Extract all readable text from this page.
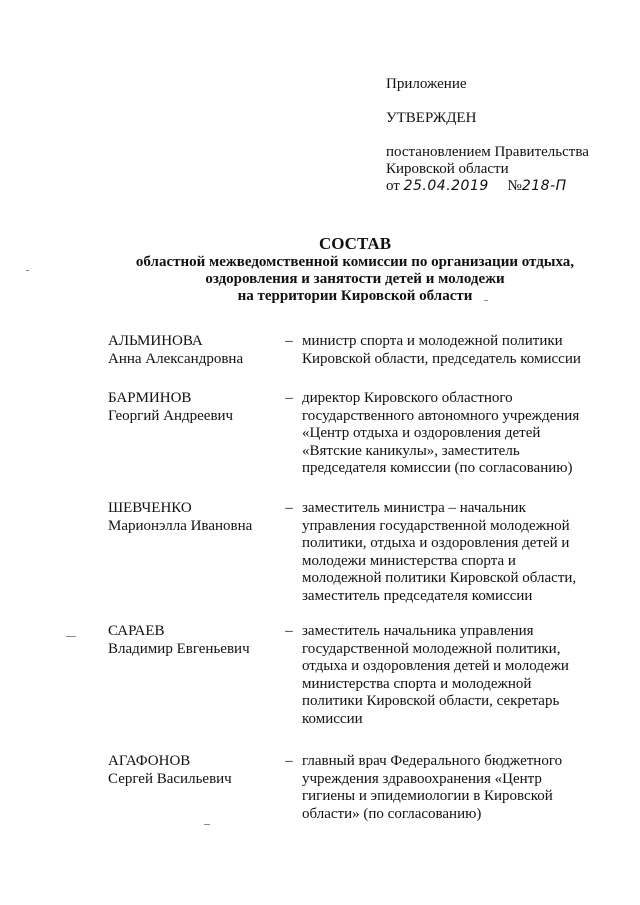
Приложение
УТВЕРЖДЕН
постановлением Правительства
Кировской области
от 25.04.2019 №218-П
СОСТАВ
областной межведомственной комиссии по организации отдыха,
оздоровления и занятости детей и молодежи
на территории Кировской области
АЛЬМИНОВА
Анна Александровна
– министр спорта и молодежной политики
Кировской области, председатель комиссии
БАРМИНОВ
Георгий Андреевич
– директор Кировского областного
государственного автономного учреждения
«Центр отдыха и оздоровления детей
«Вятские каникулы», заместитель
председателя комиссии (по согласованию)
ШЕВЧЕНКО
Марионэлла Ивановна
– заместитель министра – начальник
управления государственной молодежной
политики, отдыха и оздоровления детей и
молодежи министерства спорта и
молодежной политики Кировской области,
заместитель председателя комиссии
САРАЕВ
Владимир Евгеньевич
– заместитель начальника управления
государственной молодежной политики,
отдыха и оздоровления детей и молодежи
министерства спорта и молодежной
политики Кировской области, секретарь
комиссии
АГАФОНОВ
Сергей Васильевич
– главный врач Федерального бюджетного
учреждения здравоохранения «Центр
гигиены и эпидемиологии в Кировской
области» (по согласованию)
